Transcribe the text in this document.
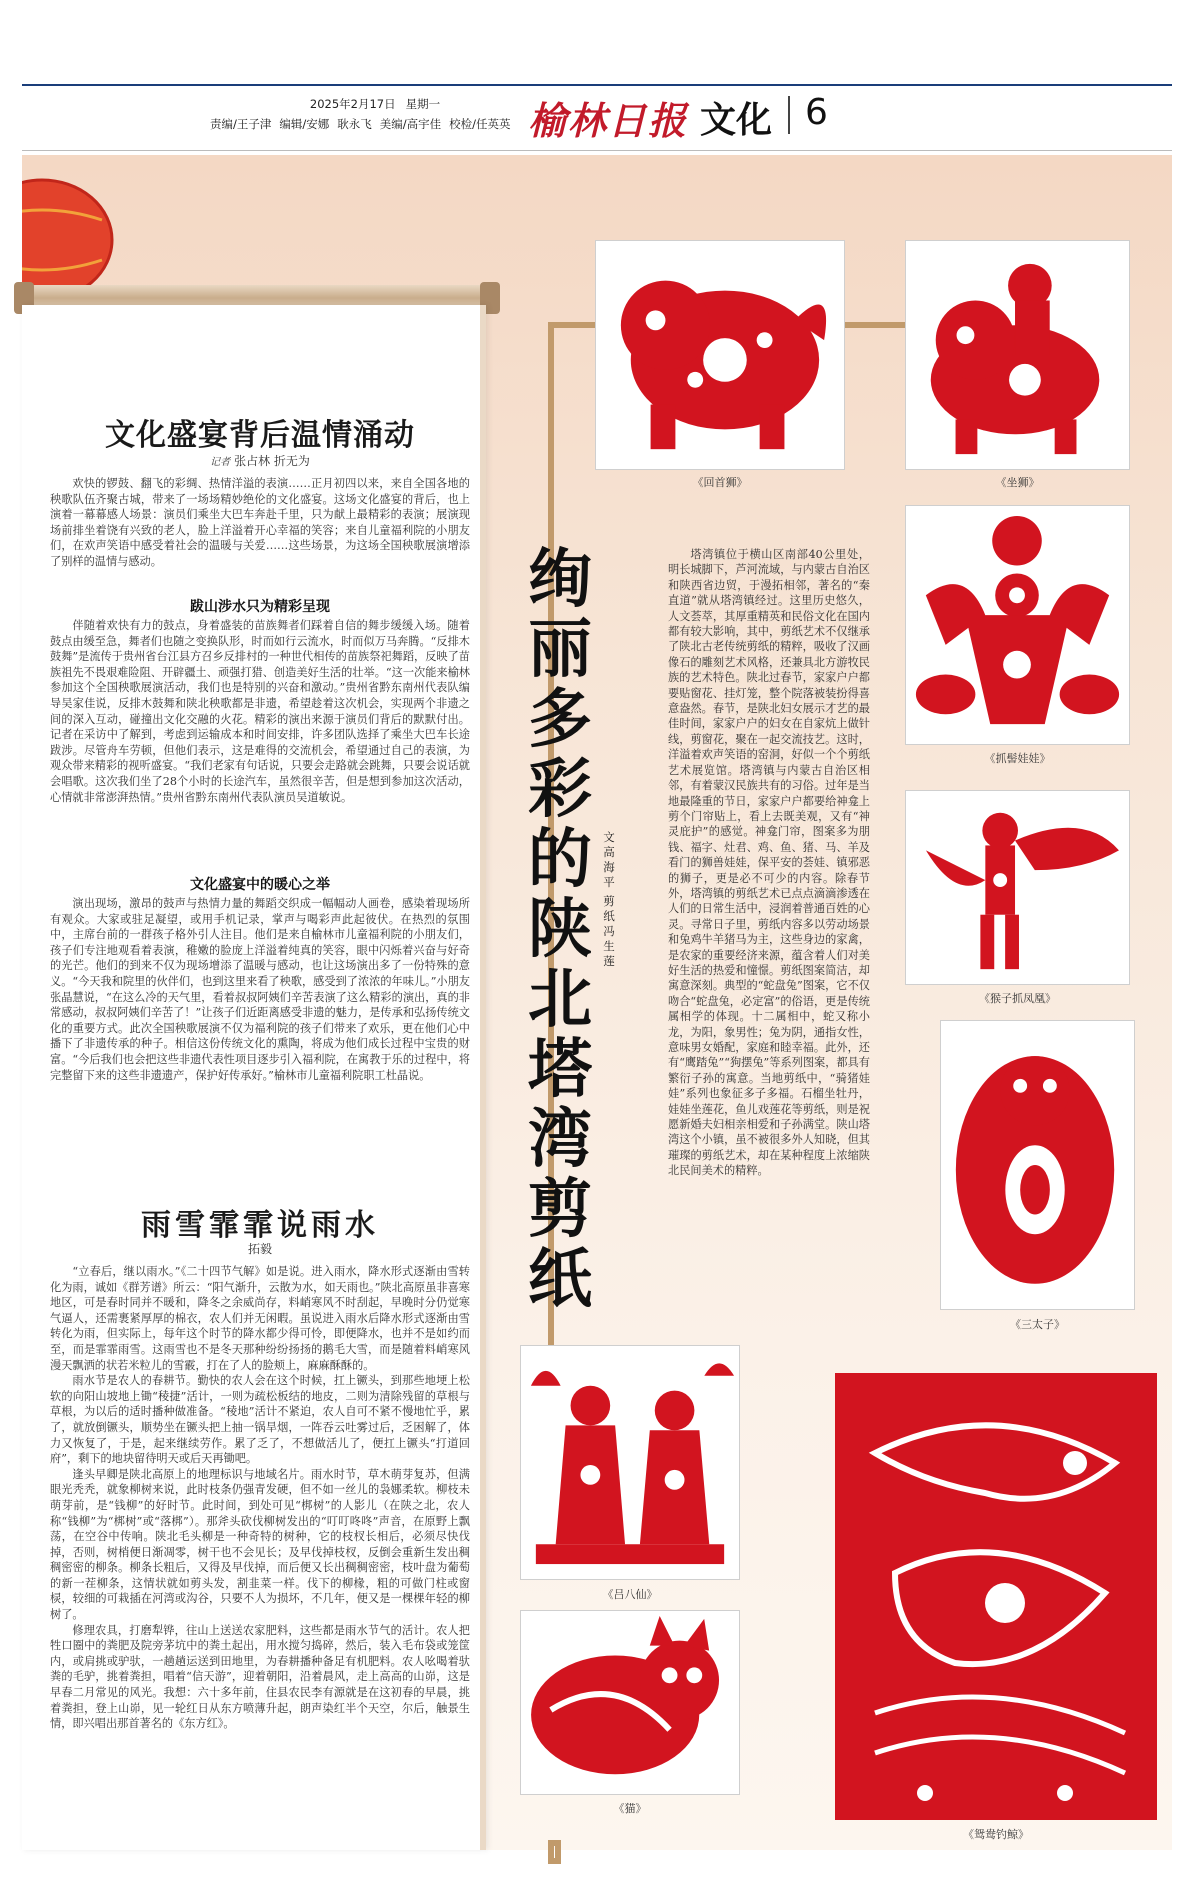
2025年2月17日 星期一
责编/王子津 编辑/安娜 耿永飞 美编/高宇佳 校检/任英英 榆林日报 文化 6
文化盛宴背后温情涌动
记者 张占林 折无为

欢快的锣鼓、翻飞的彩绸、热情洋溢的表演……正月初四以来，来自全国各地的秧歌队伍齐聚古城，带来了一场场精妙绝伦的文化盛宴。这场文化盛宴的背后，也上演着一幕幕感人场景：演员们乘坐大巴车奔赴千里，只为献上最精彩的表演；展演现场前排坐着饶有兴致的老人，脸上洋溢着开心幸福的笑容；来自儿童福利院的小朋友们，在欢声笑语中感受着社会的温暖与关爱……这些场景，为这场全国秧歌展演增添了别样的温情与感动。

跋山涉水只为精彩呈现

伴随着欢快有力的鼓点，身着盛装的苗族舞者们踩着自信的舞步缓缓入场。随着鼓点由缓至急，舞者们也随之变换队形，时而如行云流水，时而似万马奔腾。“反排木鼓舞”是流传于贵州省台江县方召乡反排村的一种世代相传的苗族祭祀舞蹈，反映了苗族祖先不畏艰难险阻、开辟疆土、顽强打猎、创造美好生活的壮举。“这一次能来榆林参加这个全国秧歌展演活动，我们也是特别的兴奋和激动。”贵州省黔东南州代表队编导吴家佳说，反排木鼓舞和陕北秧歌都是非遗，希望趁着这次机会，实现两个非遗之间的深入互动，碰撞出文化交融的火花。精彩的演出来源于演员们背后的默默付出。记者在采访中了解到，考虑到运输成本和时间安排，许多团队选择了乘坐大巴车长途跋涉。尽管舟车劳顿，但他们表示，这是难得的交流机会，希望通过自己的表演，为观众带来精彩的视听盛宴。“我们老家有句话说，只要会走路就会跳舞，只要会说话就会唱歌。这次我们坐了28个小时的长途汽车，虽然很辛苦，但是想到参加这次活动，心情就非常澎湃热情。”贵州省黔东南州代表队演员吴道敏说。

文化盛宴中的暖心之举

演出现场，激昂的鼓声与热情力量的舞蹈交织成一幅幅动人画卷，感染着现场所有观众。大家或驻足凝望，或用手机记录，掌声与喝彩声此起彼伏。在热烈的氛围中，主席台前的一群孩子格外引人注目。他们是来自榆林市儿童福利院的小朋友们，孩子们专注地观看着表演，稚嫩的脸庞上洋溢着纯真的笑容，眼中闪烁着兴奋与好奇的光芒。他们的到来不仅为现场增添了温暖与感动，也让这场演出多了一份特殊的意义。“今天我和院里的伙伴们，也到这里来看了秧歌，感受到了浓浓的年味儿。”小朋友张晶慧说，“在这么冷的天气里，看着叔叔阿姨们辛苦表演了这么精彩的演出，真的非常感动，叔叔阿姨们辛苦了！”让孩子们近距离感受非遗的魅力，是传承和弘扬传统文化的重要方式。此次全国秧歌展演不仅为福利院的孩子们带来了欢乐，更在他们心中播下了非遗传承的种子。相信这份传统文化的熏陶，将成为他们成长过程中宝贵的财富。“今后我们也会把这些非遗代表性项目逐步引入福利院，在寓教于乐的过程中，将完整留下来的这些非遗遗产，保护好传承好。”榆林市儿童福利院职工杜晶说。

雨雪霏霏说雨水
拓毅

“立春后，继以雨水。”《二十四节气解》如是说。进入雨水，降水形式逐渐由雪转化为雨，诚如《群芳谱》所云：“阳气渐升，云散为水，如天雨也。”陕北高原虽非喜寒地区，可是春时同并不暖和，降冬之余威尚存，料峭寒风不时刮起，早晚时分仍觉寒气逼人，还需裹紧厚厚的棉衣，农人们并无闲暇。虽说进入雨水后降水形式逐渐由雪转化为雨，但实际上，每年这个时节的降水都少得可怜，即便降水，也并不是如约而至，而是霏霏雨雪。这雨雪也不是冬天那种纷纷扬扬的鹅毛大雪，而是随着料峭寒风漫天飘洒的状若米粒儿的雪霰，打在了人的脸颊上，麻麻酥酥的。

雨水节是农人的春耕节。勤快的农人会在这个时候，扛上镢头，到那些地埂上松软的向阳山坡地上锄“稜捷”活计，一则为疏松板结的地皮，二则为清除残留的草根与草根，为以后的适时播种做准备。“稜地”活计不紧迫，农人自可不紧不慢地忙乎，累了，就放倒镢头，顺势坐在镢头把上抽一锅旱烟，一阵吞云吐雾过后，乏困解了，体力又恢复了，于是，起来继续劳作。累了乏了，不想做活儿了，便扛上镢头“打道回府”，剩下的地块留待明天或后天再锄吧。

逢头早卿是陕北高原上的地理标识与地域名片。雨水时节，草木萌芽复苏，但满眼光秃秃，就象柳树来说，此时枝条仍强青发硬，但不如一丝儿的袅娜柔软。柳枝未萌芽前，是“钱柳”的好时节。此时间，到处可见“梆树”的人影儿（在陕之北，农人称“钱柳”为“梆树”或“落梆”）。那斧头砍伐柳树发出的“叮叮咚咚”声音，在原野上飘荡，在空谷中传响。陕北毛头柳是一种奇特的树种，它的枝杈长相后，必须尽快伐掉，否则，树梢便日渐凋零，树干也不会见长；及早伐掉枝杈，反倒会重新生发出稠稠密密的柳条。柳条长粗后，又得及早伐掉，而后便又长出稠稠密密，枝叶盘为葡萄的新一茬柳条，这情状就如剪头发，割韭菜一样。伐下的柳椽，粗的可做门柱或窗棂，较细的可栽插在河湾或沟谷，只要不人为损坏，不几年，便又是一棵棵年轻的柳树了。

修理农具，打磨犁铧，往山上送送农家肥料，这些都是雨水节气的活计。农人把牲口圈中的粪肥及院旁茅坑中的粪土起出，用水搅匀捣碎，然后，装入毛布袋或笼筐内，或肩挑或驴驮，一趟趟运送到田地里，为春耕播种备足有机肥料。农人吆喝着驮粪的毛驴，挑着粪担，唱着“信天游”，迎着朝阳，沿着晨风，走上高高的山峁，这是早春二月常见的风光。我想：六十多年前，住县农民李有源就是在这初春的早晨，挑着粪担，登上山峁，见一轮红日从东方喷薄升起，朗声染红半个天空，尔后，触景生情，即兴唱出那首著名的《东方红》。

绚丽多彩的陕北塔湾剪纸
文
高海平
剪纸
冯生莲

塔湾镇位于横山区南部40公里处，明长城脚下，芦河流域，与内蒙古自治区和陕西省边贸，于漫拓相邻，著名的“秦直道”就从塔湾镇经过。这里历史悠久，人文荟萃，其厚重精英和民俗文化在国内都有较大影响，其中，剪纸艺术不仅继承了陕北古老传统剪纸的精粹，吸收了汉画像石的雕刻艺术风格，还兼具北方游牧民族的艺术特色。陕北过春节，家家户户都要贴窗花、挂灯笼，整个院落被装扮得喜意盎然。春节，是陕北妇女展示才艺的最佳时间，家家户户的妇女在自家炕上做针线，剪窗花，聚在一起交流技艺。这时，洋溢着欢声笑语的窑洞，好似一个个剪纸艺术展览馆。塔湾镇与内蒙古自治区相邻，有着蒙汉民族共有的习俗。过年是当地最隆重的节日，家家户户都要给神龛上剪个门帘贴上，看上去既美观，又有“神灵庇护”的感觉。神龛门帘，图案多为朋钱、福字、灶君、鸡、鱼、猪、马、羊及看门的狮兽娃娃，保平安的荟娃、镇邪恶的狮子，更是必不可少的内容。除春节外，塔湾镇的剪纸艺术已点点滴滴渗透在人们的日常生活中，浸润着普通百姓的心灵。寻常日子里，剪纸内容多以劳动场景和兔鸡牛羊猪马为主，这些身边的家禽，是农家的重要经济来源，蕴含着人们对美好生活的热爱和憧憬。剪纸图案简洁，却寓意深刻。典型的“蛇盘兔”图案，它不仅吻合“蛇盘兔，必定富”的俗语，更是传统属相学的体现。十二属相中，蛇又称小龙，为阳，象男性；兔为阴，通指女性，意味男女婚配，家庭和睦幸福。此外，还有“鹰踏兔”“狗摆兔”等系列图案，都具有繁衍子孙的寓意。当地剪纸中，“骑猪娃娃”系列也象征多子多福。石榴坐牡丹，娃娃坐莲花，鱼儿戏莲花等剪纸，则是祝愿新婚夫妇相亲相爱和子孙满堂。陕山塔湾这个小镇，虽不被很多外人知晓，但其璀璨的剪纸艺术，却在某种程度上浓缩陕北民间美术的精粹。

《回首狮》	《坐狮》
《抓髻娃娃》
《猴子抓凤凰》
《三太子》
《吕八仙》
《猫》
《鸳鸯钓鲸》
